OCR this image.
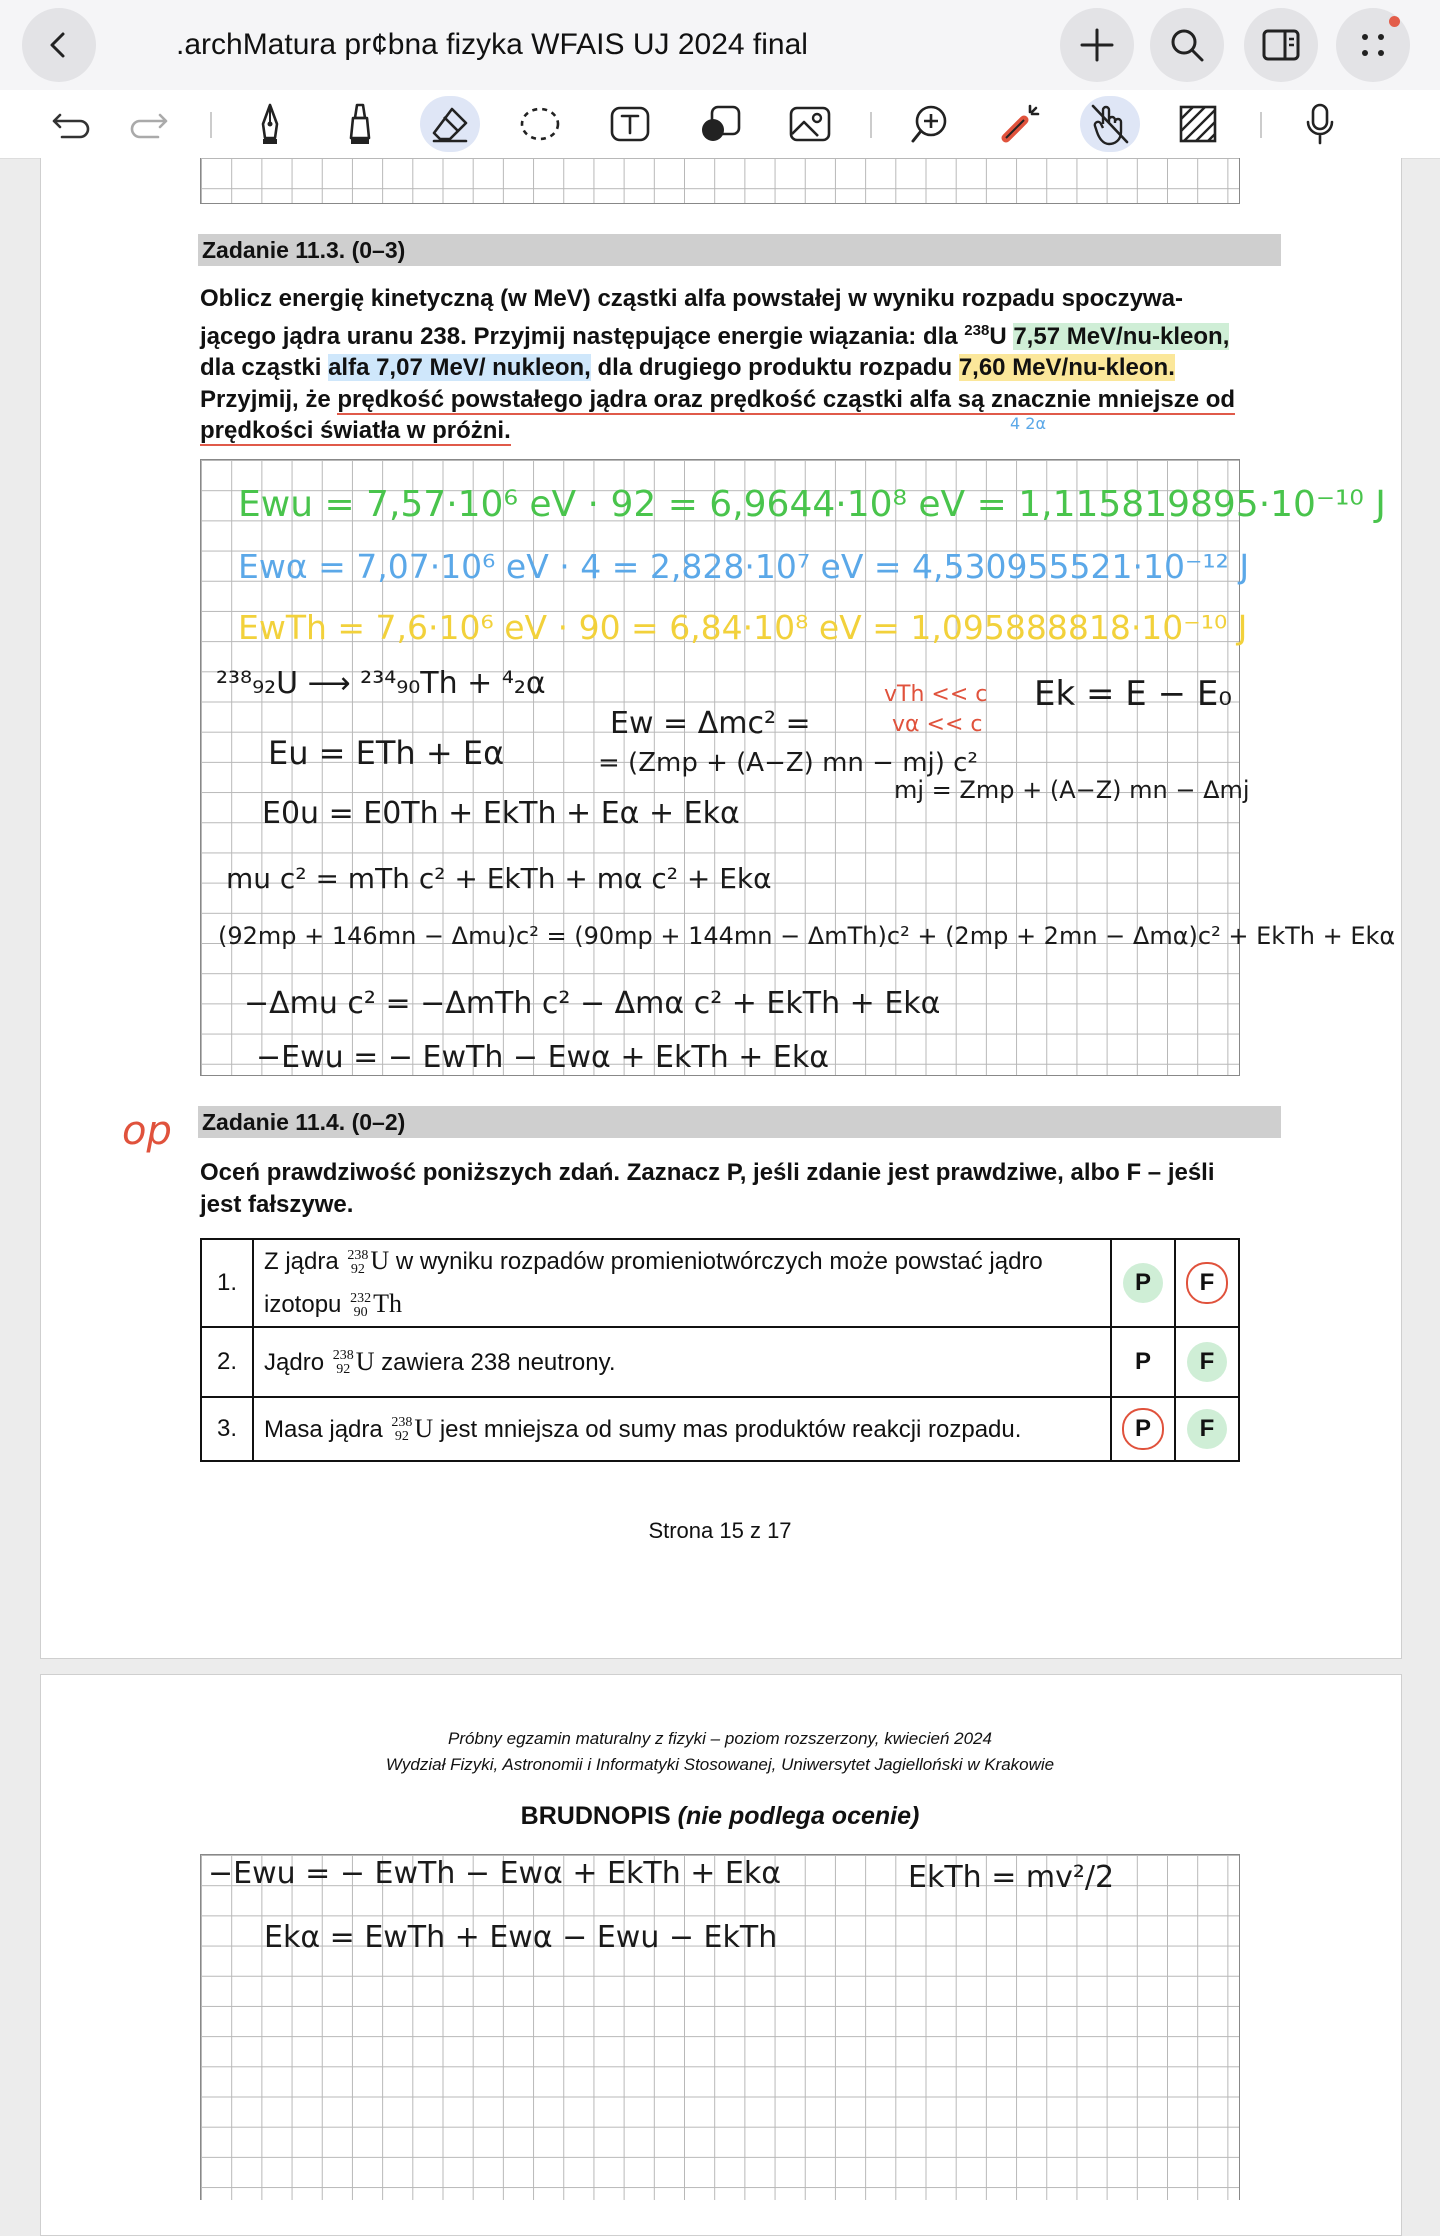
.archMatura pr¢bna fizyka WFAIS UJ 2024 final
Zadanie 11.3. (0–3)
Oblicz energię kinetyczną (w MeV) cząstki alfa powstałej w wyniku rozpadu spoczywa-jącego jądra uranu 238. Przyjmij następujące energie wiązania: dla $^{238}$U 7,57 MeV/nu-kleon, dla cząstki alfa 7,07 MeV/ nukleon, dla drugiego produktu rozpadu 7,60 MeV/nu-kleon. Przyjmij, że prędkość powstałego jądra oraz prędkość cząstki alfa są znacznie mniejsze od prędkości światła w próżni.	4 2α
Ewu = 7,57·10⁶ eV · 92 = 6,9644·10⁸ eV = 1,115819895·10⁻¹⁰ J
Ewα = 7,07·10⁶ eV · 4 = 2,828·10⁷ eV = 4,530955521·10⁻¹² J
EwTh = 7,6·10⁶ eV · 90 = 6,84·10⁸ eV = 1,095888818·10⁻¹⁰ J
²³⁸₉₂U ⟶ ²³⁴₉₀Th + ⁴₂α
Eu = ETh + Eα
E0u = E0Th + EkTh + Eα + Ekα
mu c² = mTh c² + EkTh + mα c² + Ekα
(92mp + 146mn − Δmu)c² = (90mp + 144mn − ΔmTh)c² + (2mp + 2mn − Δmα)c² + EkTh + Ekα
−Δmu c² = −ΔmTh c² − Δmα c² + EkTh + Ekα
−Ewu = − EwTh − Ewα + EkTh + Ekα
Ew = Δmc² =
= (Zmp + (A−Z) mn − mj) c²
vTh << c
vα << c
Ek = E − E₀
mj = Zmp + (A−Z) mn − Δmj
op Zadanie 11.4. (0–2)
Oceń prawdziwość poniższych zdań. Zaznacz P, jeśli zdanie jest prawdziwe, albo F – jeśli jest fałszywe.
1.	Z jądra 238
92 U w wyniku rozpadów promieniotwórczych może powstać jądro izotopu 232
90 Th	P	F
2.	Jądro 238
92 U zawiera 238 neutrony.	P	F
3.	Masa jądra 238
92 U jest mniejsza od sumy mas produktów reakcji rozpadu.	P	F
Strona 15 z 17
Próbny egzamin maturalny z fizyki – poziom rozszerzony, kwiecień 2024
Wydział Fizyki, Astronomii i Informatyki Stosowanej, Uniwersytet Jagielloński w Krakowie
BRUDNOPIS (nie podlega ocenie)
−Ewu = − EwTh − Ewα + EkTh + Ekα
Ekα = EwTh + Ewα − Ewu − EkTh
EkTh = mv²/2
